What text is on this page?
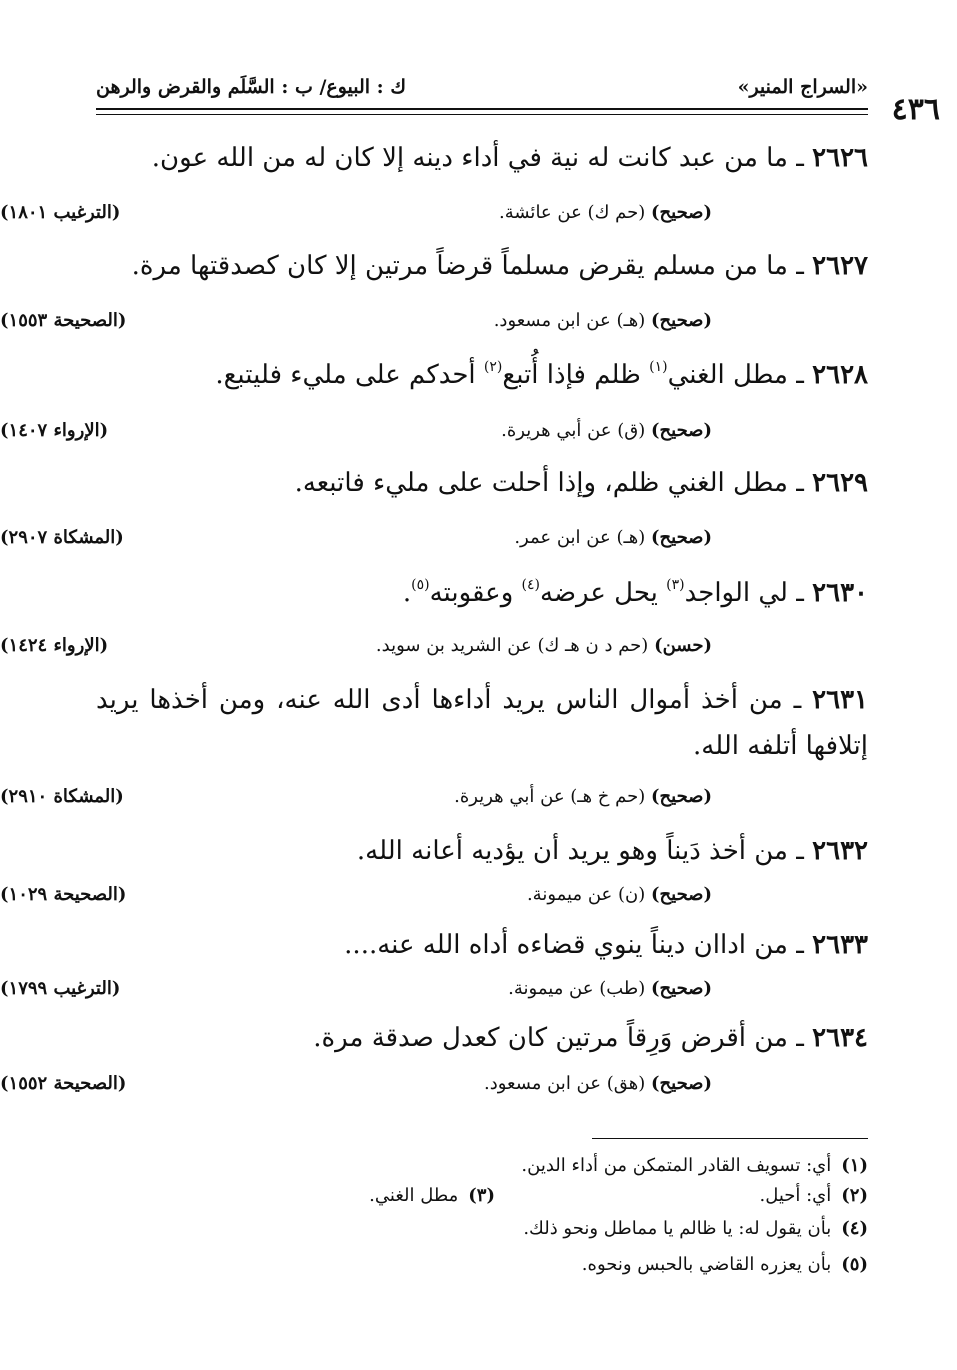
«السراج المنير»
ك : البيوع/ ب : السَّلَم والقرض والرهن
٤٣٦
٢٦٢٦ ـ ما من عبد كانت له نية في أداء دينه إلا كان له من الله عون.
(صحيح) (حم ك) عن عائشة.
(الترغيب ١٨٠١)
٢٦٢٧ ـ ما من مسلم يقرض مسلماً قرضاً مرتين إلا كان كصدقتها مرة.
(صحيح) (هـ) عن ابن مسعود.
(الصحيحة ١٥٥٣)
٢٦٢٨ ـ مطل الغني$^{(١)}$ ظلم فإذا أُتبع$^{(٢)}$ أحدكم على مليء فليتبع.
(صحيح) (ق) عن أبي هريرة.
(الإرواء ١٤٠٧)
٢٦٢٩ ـ مطل الغني ظلم، وإذا أحلت على مليء فاتبعه.
(صحيح) (هـ) عن ابن عمر.
(المشكاة ٢٩٠٧)
٢٦٣٠ ـ لي الواجد$^{(٣)}$ يحل عرضه$^{(٤)}$ وعقوبته$^{(٥)}$.
(حسن) (حم د ن هـ ك) عن الشريد بن سويد.
(الإرواء ١٤٢٤)
٢٦٣١ ـ من أخذ أموال الناس يريد أداءها أدى الله عنه، ومن أخذها يريد إتلافها أتلفه الله.
(صحيح) (حم خ هـ) عن أبي هريرة.
(المشكاة ٢٩١٠)
٢٦٣٢ ـ من أخذ دَيناً وهو يريد أن يؤديه أعانه الله.
(صحيح) (ن) عن ميمونة.
(الصحيحة ١٠٢٩)
٢٦٣٣ ـ من اداان ديناً ينوي قضاءه أداه الله عنه....
(صحيح) (طب) عن ميمونة.
(الترغيب ١٧٩٩)
٢٦٣٤ ـ من أقرض وَرِقاً مرتين كان كعدل صدقة مرة.
(صحيح) (هق) عن ابن مسعود.
(الصحيحة ١٥٥٢)
(١)أي: تسويف القادر المتمكن من أداء الدين.
(٢)أي: أحيل.
(٣)مطل الغني.
(٤)بأن يقول له: يا ظالم يا مماطل ونحو ذلك.
(٥)بأن يعزره القاضي بالحبس ونحوه.
